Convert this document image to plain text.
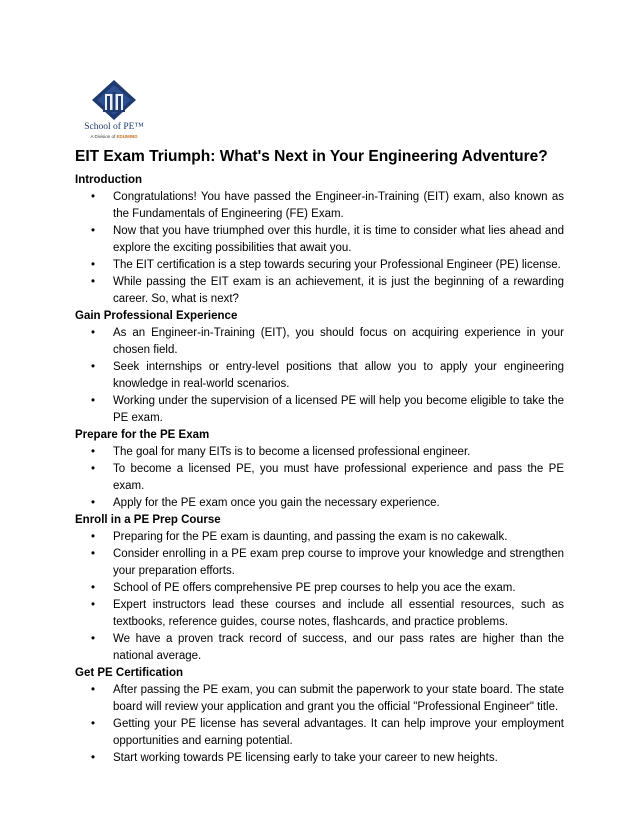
School of PE™
A Division of EDUMIND
EIT Exam Triumph: What's Next in Your Engineering Adventure?
Introduction
• Congratulations! You have passed the Engineer-in-Training (EIT) exam, also known as the Fundamentals of Engineering (FE) Exam.
• Now that you have triumphed over this hurdle, it is time to consider what lies ahead and explore the exciting possibilities that await you.
• The EIT certification is a step towards securing your Professional Engineer (PE) license.
• While passing the EIT exam is an achievement, it is just the beginning of a rewarding career. So, what is next?
Gain Professional Experience
• As an Engineer-in-Training (EIT), you should focus on acquiring experience in your chosen field.
• Seek internships or entry-level positions that allow you to apply your engineering knowledge in real-world scenarios.
• Working under the supervision of a licensed PE will help you become eligible to take the PE exam.
Prepare for the PE Exam
• The goal for many EITs is to become a licensed professional engineer.
• To become a licensed PE, you must have professional experience and pass the PE exam.
• Apply for the PE exam once you gain the necessary experience.
Enroll in a PE Prep Course
• Preparing for the PE exam is daunting, and passing the exam is no cakewalk.
• Consider enrolling in a PE exam prep course to improve your knowledge and strengthen your preparation efforts.
• School of PE offers comprehensive PE prep courses to help you ace the exam.
• Expert instructors lead these courses and include all essential resources, such as textbooks, reference guides, course notes, flashcards, and practice problems.
• We have a proven track record of success, and our pass rates are higher than the national average.
Get PE Certification
• After passing the PE exam, you can submit the paperwork to your state board. The state board will review your application and grant you the official "Professional Engineer" title.
• Getting your PE license has several advantages. It can help improve your employment opportunities and earning potential.
• Start working towards PE licensing early to take your career to new heights.
